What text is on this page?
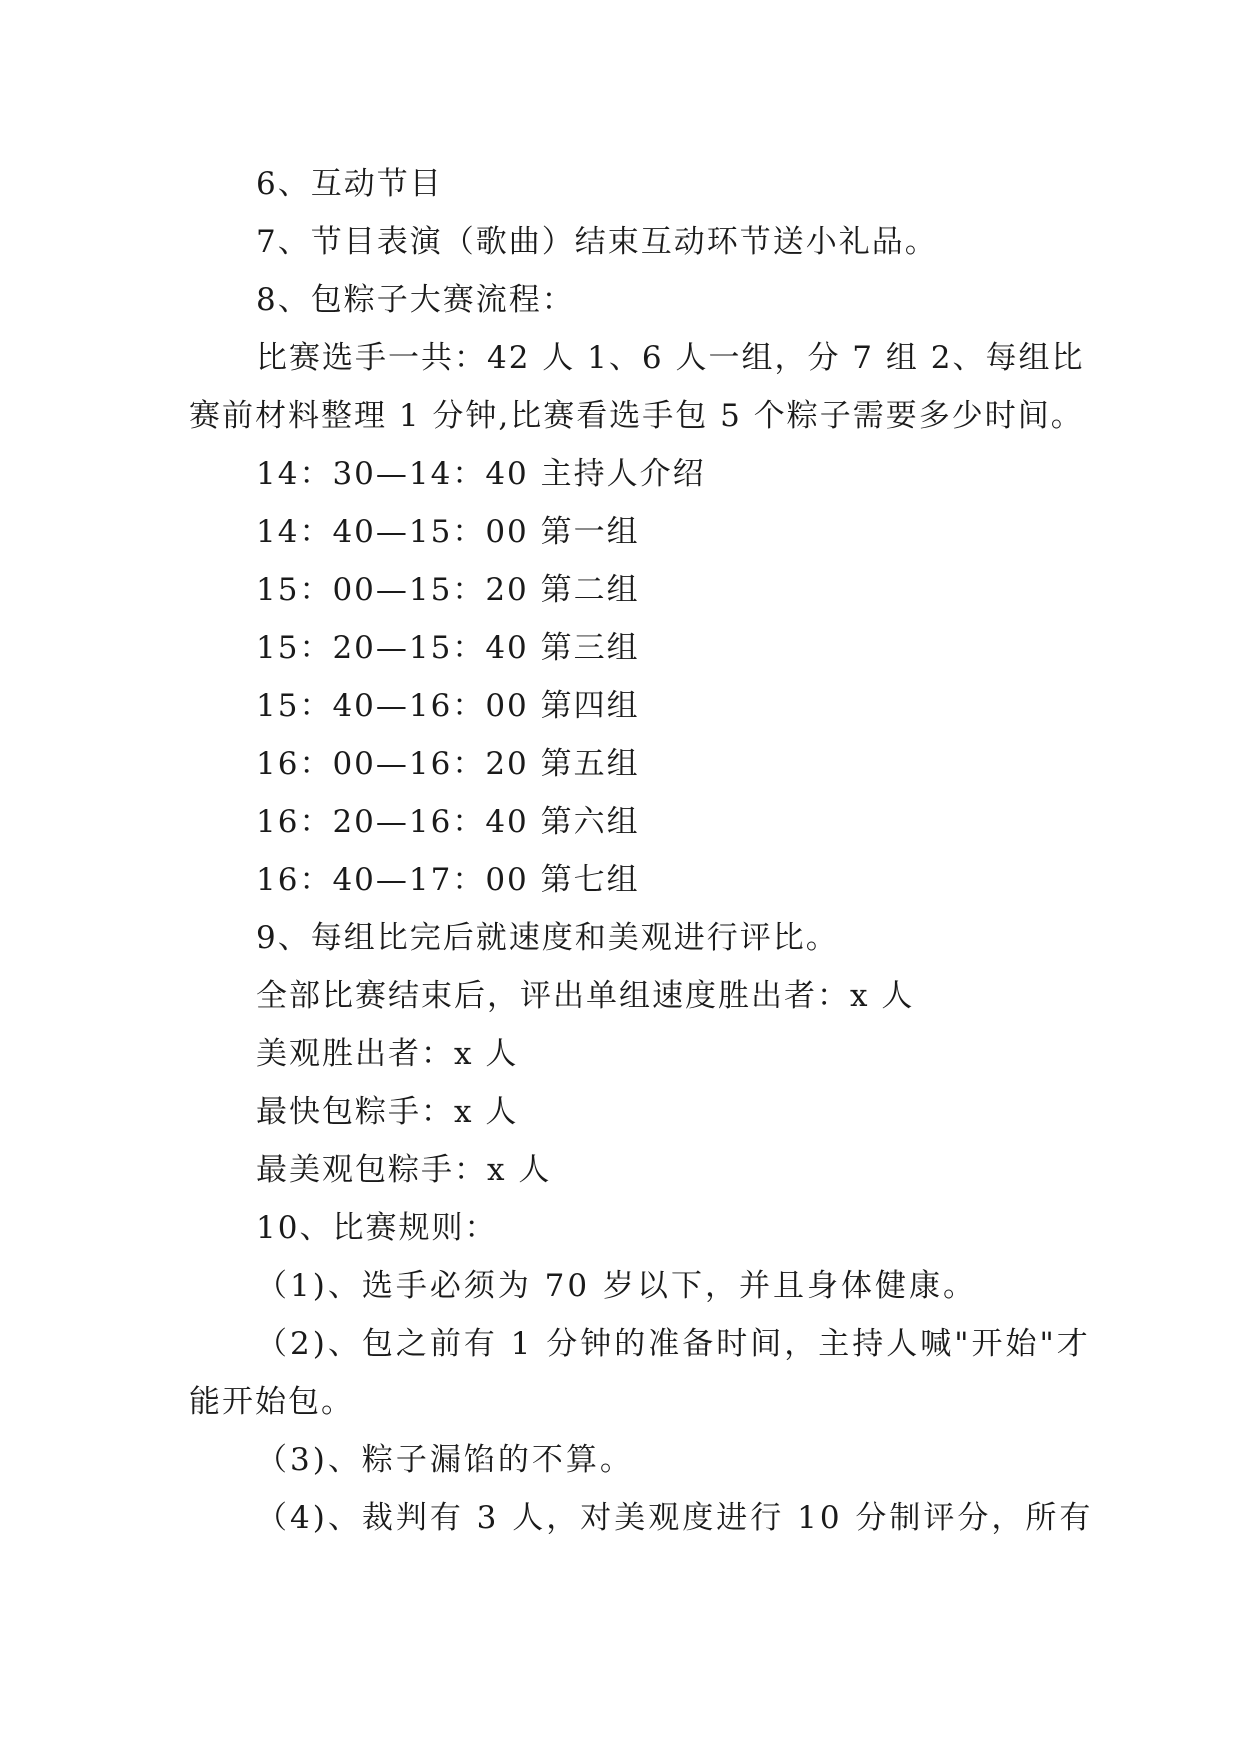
6、互动节目
7、节目表演（歌曲）结束互动环节送小礼品。
8、包粽子大赛流程：
比赛选手一共：42 人 1、6 人一组，分 7 组 2、每组比
赛前材料整理 1 分钟,比赛看选手包 5 个粽子需要多少时间。
14：30—14：40 主持人介绍
14：40—15：00 第一组
15：00—15：20 第二组
15：20—15：40 第三组
15：40—16：00 第四组
16：00—16：20 第五组
16：20—16：40 第六组
16：40—17：00 第七组
9、每组比完后就速度和美观进行评比。
全部比赛结束后，评出单组速度胜出者：x 人
美观胜出者：x 人
最快包粽手：x 人
最美观包粽手：x 人
10、比赛规则：
（1)、选手必须为 70 岁以下，并且身体健康。
（2)、包之前有 1 分钟的准备时间，主持人喊"开始"才
能开始包。
（3)、粽子漏馅的不算。
（4)、裁判有 3 人，对美观度进行 10 分制评分，所有
